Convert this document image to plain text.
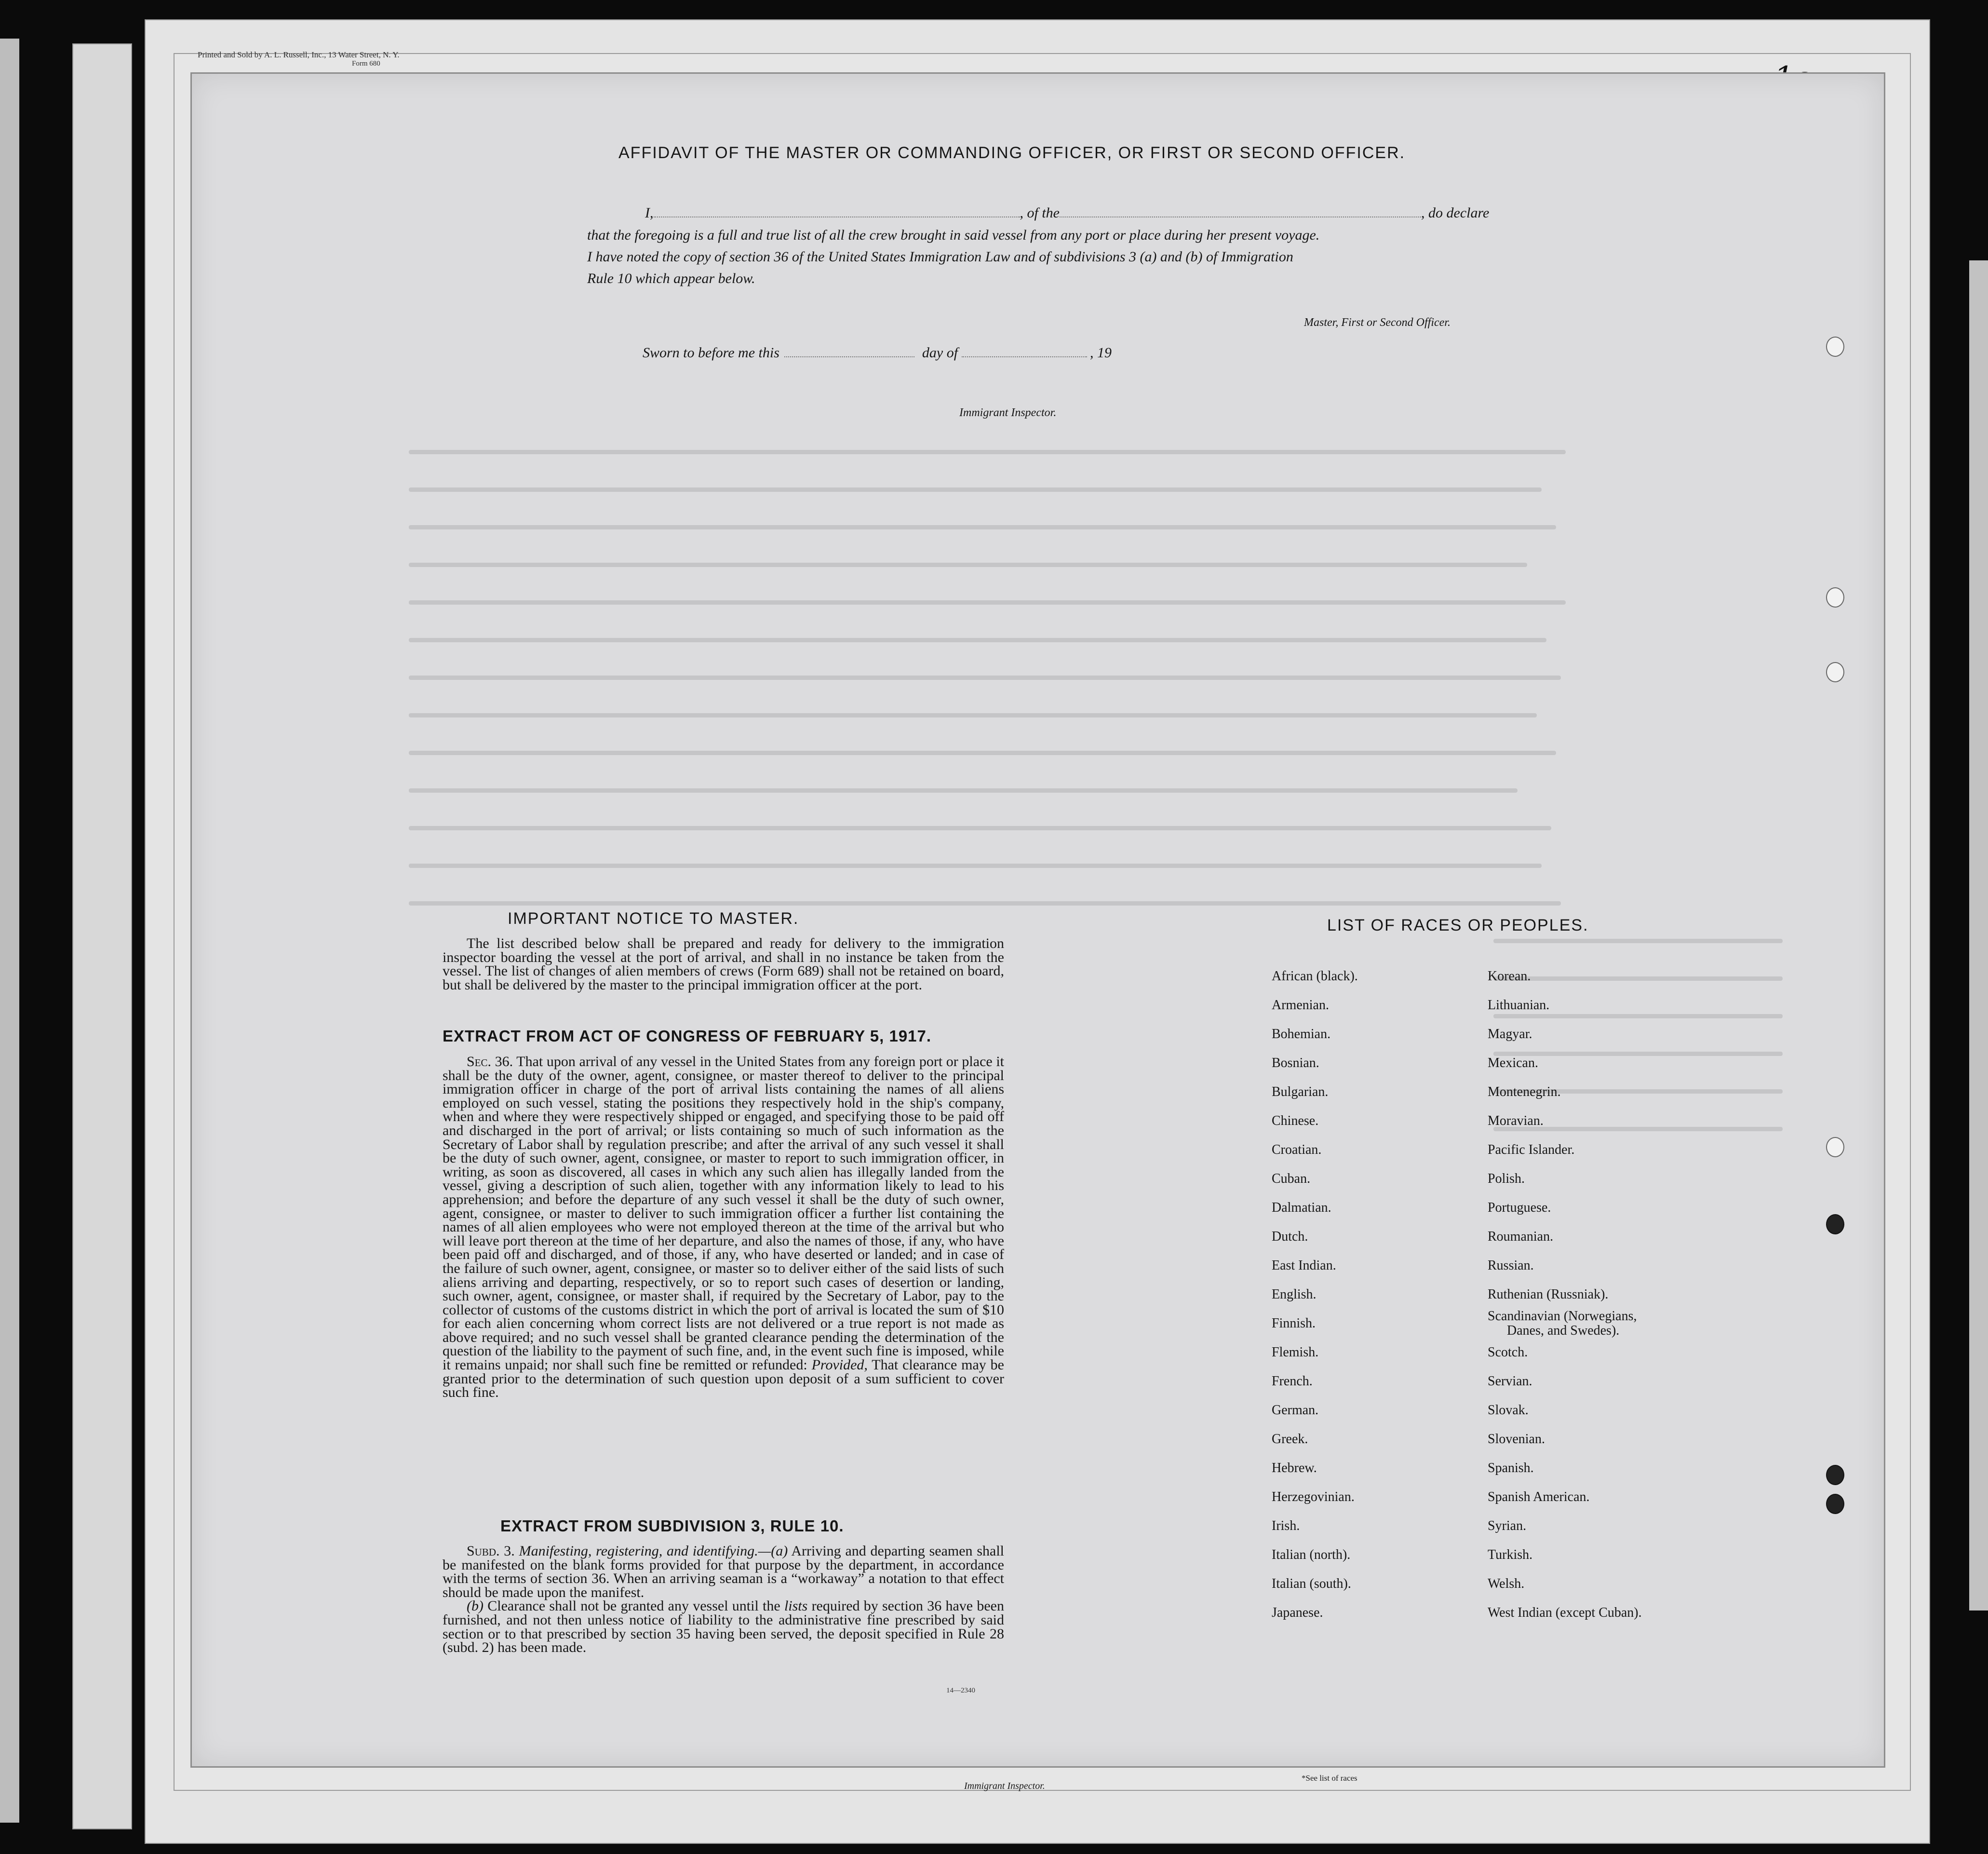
Printed and Sold by A. L. Russell, Inc., 13 Water Street, N. Y.
Form 680
AFFIDAVIT OF THE MASTER OR COMMANDING OFFICER, OR FIRST OR SECOND OFFICER.
I,	, of the	, do declare
that the foregoing is a full and true list of all the crew brought in said vessel from any port or place during her present voyage.
I have noted the copy of section 36 of the United States Immigration Law and of subdivisions 3 (a) and (b) of Immigration
Rule 10 which appear below.
Master, First or Second Officer.
Sworn to before me this	day of	, 19
Immigrant Inspector.
IMPORTANT NOTICE TO MASTER.

The list described below shall be prepared and ready for delivery to the immigration inspector boarding the vessel at the port of arrival, and shall in no instance be taken from the vessel. The list of changes of alien members of crews (Form 689) shall not be retained on board, but shall be delivered by the master to the principal immigration officer at the port.

EXTRACT FROM ACT OF CONGRESS OF FEBRUARY 5, 1917.

Sec. 36. That upon arrival of any vessel in the United States from any foreign port or place it shall be the duty of the owner, agent, consignee, or master thereof to deliver to the principal immigration officer in charge of the port of arrival lists containing the names of all aliens employed on such vessel, stating the positions they respectively hold in the ship's company, when and where they were respectively shipped or engaged, and specifying those to be paid off and discharged in the port of arrival; or lists containing so much of such information as the Secretary of Labor shall by regulation prescribe; and after the arrival of any such vessel it shall be the duty of such owner, agent, consignee, or master to report to such immigration officer, in writing, as soon as discovered, all cases in which any such alien has illegally landed from the vessel, giving a description of such alien, together with any information likely to lead to his apprehension; and before the departure of any such vessel it shall be the duty of such owner, agent, consignee, or master to deliver to such immigration officer a further list containing the names of all alien employees who were not employed thereon at the time of the arrival but who will leave port thereon at the time of her departure, and also the names of those, if any, who have been paid off and discharged, and of those, if any, who have deserted or landed; and in case of the failure of such owner, agent, consignee, or master so to deliver either of the said lists of such aliens arriving and departing, respectively, or so to report such cases of desertion or landing, such owner, agent, consignee, or master shall, if required by the Secretary of Labor, pay to the collector of customs of the customs district in which the port of arrival is located the sum of $10 for each alien concerning whom correct lists are not delivered or a true report is not made as above required; and no such vessel shall be granted clearance pending the determination of the question of the liability to the payment of such fine, and, in the event such fine is imposed, while it remains unpaid; nor shall such fine be remitted or refunded: Provided, That clearance may be granted prior to the determination of such question upon deposit of a sum sufficient to cover such fine.

EXTRACT FROM SUBDIVISION 3, RULE 10.

Subd. 3. Manifesting, registering, and identifying.—(a) Arriving and departing seamen shall be manifested on the blank forms provided for that purpose by the department, in accordance with the terms of section 36. When an arriving seaman is a “workaway” a notation to that effect should be made upon the manifest.

(b) Clearance shall not be granted any vessel until the lists required by section 36 have been furnished, and not then unless notice of liability to the administrative fine prescribed by said section or to that prescribed by section 35 having been served, the deposit specified in Rule 28 (subd. 2) has been made.

14—2340
LIST OF RACES OR PEOPLES.
African (black).
Armenian.
Bohemian.
Bosnian.
Bulgarian.
Chinese.
Croatian.
Cuban.
Dalmatian.
Dutch.
East Indian.
English.
Finnish.
Flemish.
French.
German.
Greek.
Hebrew.
Herzegovinian.
Irish.
Italian (north).
Italian (south).
Japanese.
Korean.
Lithuanian.
Magyar.
Mexican.
Montenegrin.
Moravian.
Pacific Islander.
Polish.
Portuguese.
Roumanian.
Russian.
Ruthenian (Russniak).
Scandinavian (Norwegians,
Danes, and Swedes).
Scotch.
Servian.
Slovak.
Slovenian.
Spanish.
Spanish American.
Syrian.
Turkish.
Welsh.
West Indian (except Cuban).
Immigrant Inspector.
*See list of races
